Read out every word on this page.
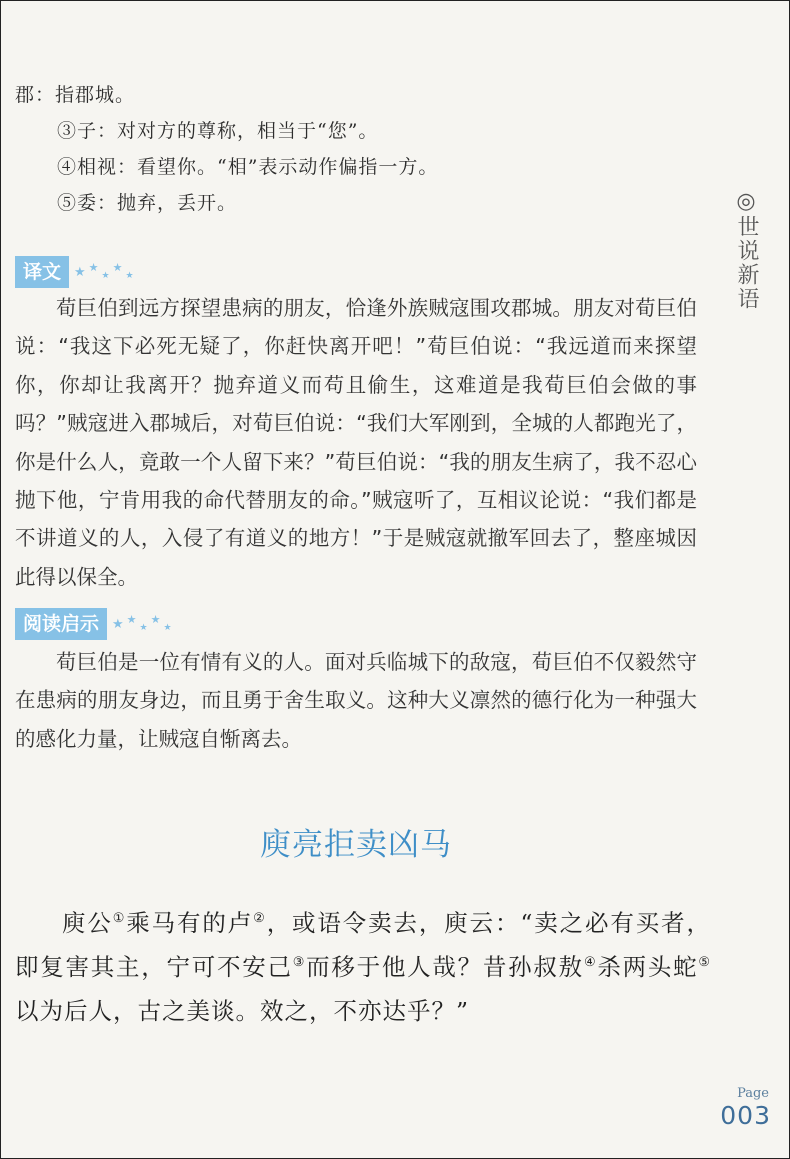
郡：指郡城。
③子：对对方的尊称，相当于“您”。
④相视：看望你。“相”表示动作偏指一方。
⑤委：抛弃，丢开。	◎
世说新语
译文	★ ★
★
★
★

荀巨伯到远方探望患病的朋友，恰逢外族贼寇围攻郡城。朋友对荀巨伯说：“我这下必死无疑了，你赶快离开吧！”荀巨伯说：“我远道而来探望你，你却让我离开？抛弃道义而苟且偷生，这难道是我荀巨伯会做的事吗？”贼寇进入郡城后，对荀巨伯说：“我们大军刚到，全城的人都跑光了，你是什么人，竟敢一个人留下来？”荀巨伯说：“我的朋友生病了，我不忍心抛下他，宁肯用我的命代替朋友的命。”贼寇听了，互相议论说：“我们都是不讲道义的人，入侵了有道义的地方！”于是贼寇就撤军回去了，整座城因此得以保全。

阅读启示	★ ★
★
★
★

荀巨伯是一位有情有义的人。面对兵临城下的敌寇，荀巨伯不仅毅然守在患病的朋友身边，而且勇于舍生取义。这种大义凛然的德行化为一种强大的感化力量，让贼寇自惭离去。

庾亮拒卖凶马

庾公①乘马有的卢②，或语令卖去，庾云：“卖之必有买者，即复害其主，宁可不安己③而移于他人哉？昔孙叔敖④杀两头蛇⑤以为后人，古之美谈。效之，不亦达乎？”

Page
003
